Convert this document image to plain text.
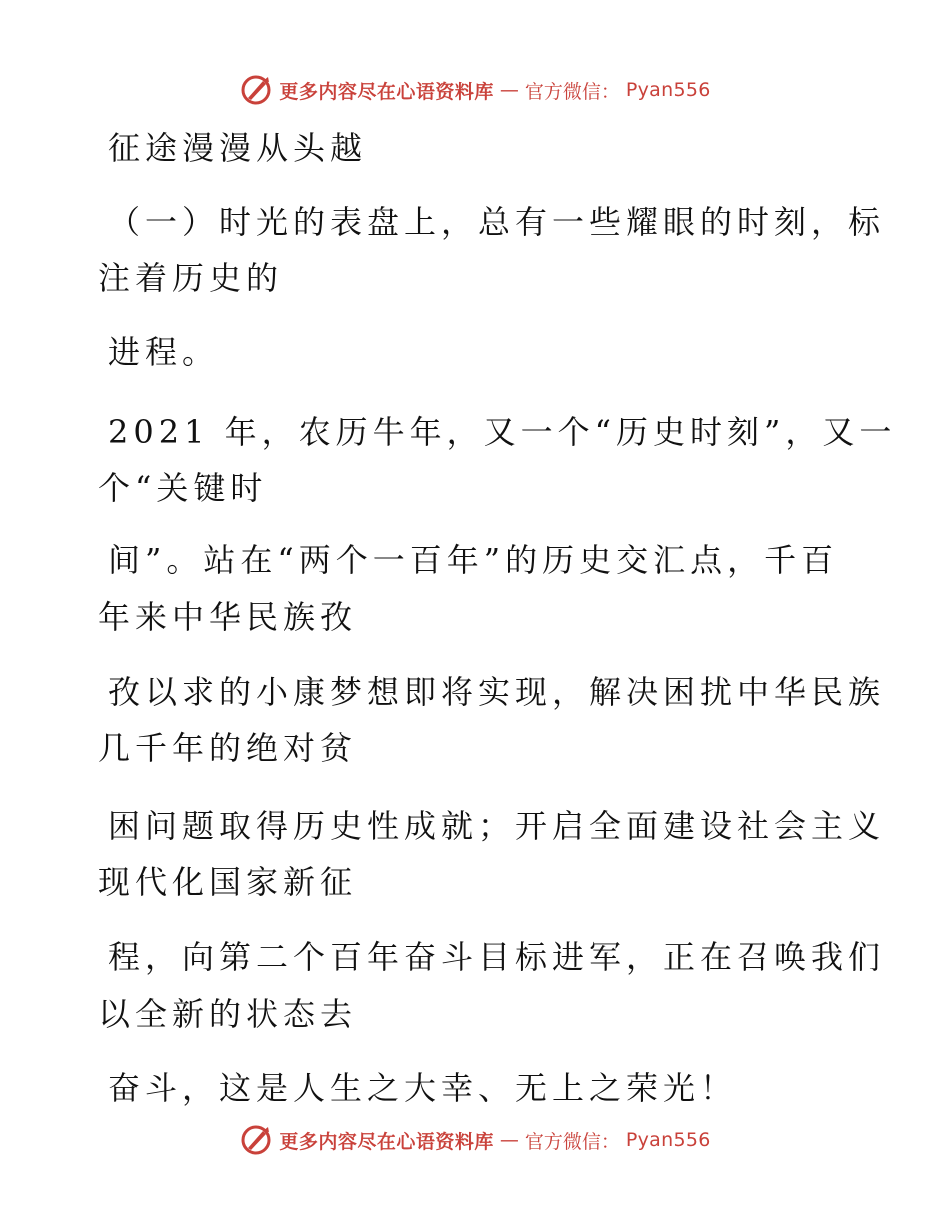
更多内容尽在心语资料库 — 官方微信： Pyan556
征途漫漫从头越
（一）时光的表盘上，总有一些耀眼的时刻，标
注着历史的
进程。
2021 年，农历牛年，又一个“历史时刻”，又一
个“关键时
间”。站在“两个一百年”的历史交汇点，千百
年来中华民族孜
孜以求的小康梦想即将实现，解决困扰中华民族
几千年的绝对贫
困问题取得历史性成就；开启全面建设社会主义
现代化国家新征
程，向第二个百年奋斗目标进军，正在召唤我们
以全新的状态去
奋斗，这是人生之大幸、无上之荣光！
更多内容尽在心语资料库 — 官方微信： Pyan556
